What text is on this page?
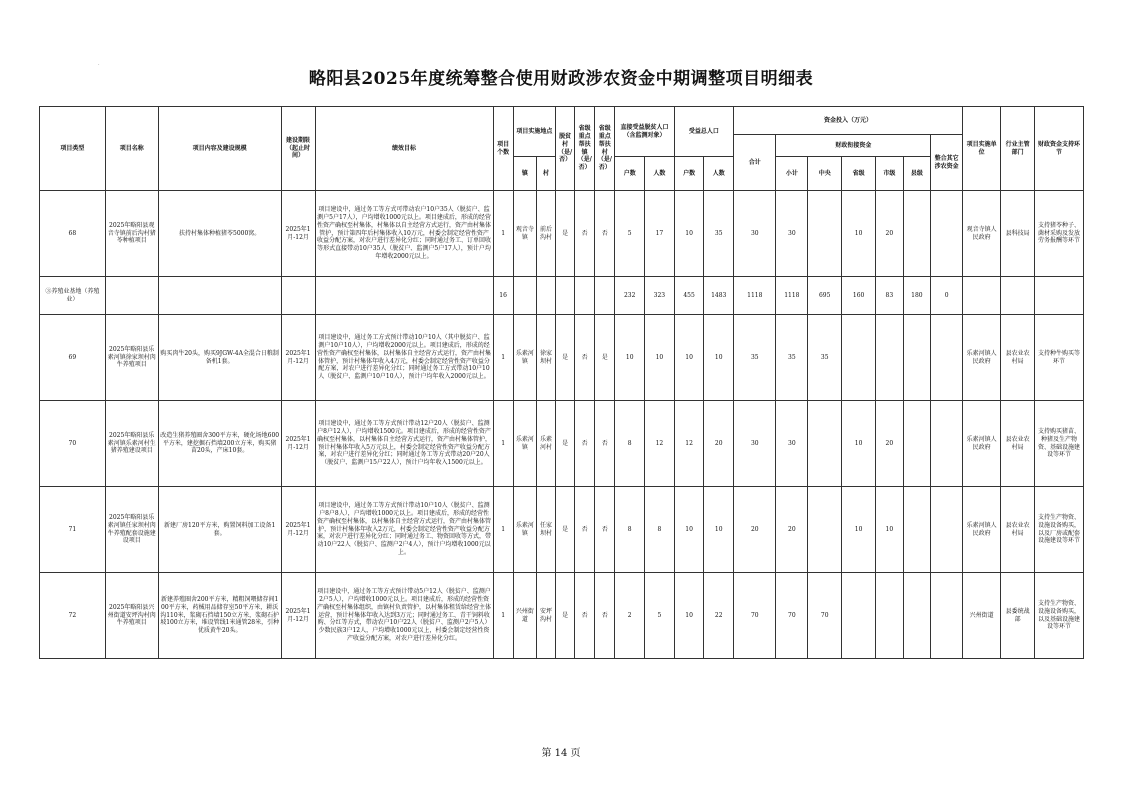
·
略阳县2025年度统筹整合使用财政涉农资金中期调整项目明细表
项目类型	项目名称	项目内容及建设规模	建设期限（起止时间）	绩效目标	项目个数	项目实施地点		脱贫村（是/否）	省级重点帮扶镇（是/否）	省级重点帮扶村（是/否）	直接受益脱贫人口（含监测对象）		受益总人口		资金投入（万元）							项目实施单位	行业主管部门	财政资金支持环节
															合计	财政衔接资金					整合其它涉农资金			
						镇	村				户数	人数	户数	人数		小计	中央	省级	市级	县级				
68	2025年略阳县观音寺镇前后沟村猪苓种植项目	扶持村集体种植猪苓5000窝。	2025年1月-12月	项目建设中，通过务工等方式可带动农户10户35人（脱贫户、监测户5户17人），户均增收1000元以上。项目建成后，形成的经营性资产确权至村集体，村集体以自主经营方式运行，资产由村集体管护，预计第四年后村集体收入10万元，村委会制定经营性资产收益分配方案，对农户进行差异化分红；同时通过务工、订单回收等形式直接带动10户35人（脱贫户、监测户5户17人），预计户均年增收2000元以上。	1	观音寺镇	前后沟村	是	否	否	5	17	10	35	30	30		10	20			观音寺镇人民政府	县科技局	支持猪苓种子、菌材采购及发放劳务报酬等环节
③养殖业基地（养殖业）					16						232	323	455	1483	1118	1118	695	160	83	180	0			
69	2025年略阳县乐素河镇徐家坝村肉牛养殖项目	购买肉牛20头，购买9JGW-4A全混合日粮制备机1套。	2025年1月-12月	项目建设中，通过务工方式预计带动10户10人（其中脱贫户、监测户10户10人），户均增收2000元以上。项目建成后，形成的经营性资产确权至村集体，以村集体自主经营方式运行，资产由村集体管护，预计村集体年收入4万元，村委会制定经营性资产收益分配方案，对农户进行差异化分红；同时通过务工方式带动10户10人（脱贫户、监测户10户10人），预计户均年收入2000元以上。	1	乐素河镇	徐家坝村	是	否	是	10	10	10	10	35	35	35					乐素河镇人民政府	县农业农村局	支持种牛购买等环节
70	2025年略阳县乐素河镇乐素河村生猪养殖建设项目	改造生猪养殖圈舍300平方米，硬化场地600平方米，建挖掘石挡墙200立方米，购买猪苗20头，产床10套。	2025年1月-12月	项目建设中，通过务工等方式预计带动12户20人（脱贫户、监测户8户12人），户均增收1500元。项目建成后，形成的经营性资产确权至村集体，以村集体自主经营方式运行，资产由村集体管护，预计村集体年收入5万元以上，村委会制定经营性资产收益分配方案，对农户进行差异化分红；同时通过务工等方式带动20户20人（脱贫户、监测户15户22人），预计户均年收入1500元以上。	1	乐素河镇	乐素河村	是	否	否	8	12	12	20	30	30		10	20			乐素河镇人民政府	县农业农村局	支持购买猪苗、种猪及生产物资、基础设施建设等环节
71	2025年略阳县乐素河镇任家坝村肉牛养殖配套设施建设项目	新建厂房120平方米，购置饲料加工设备1套。	2025年1月-12月	项目建设中，通过务工等方式预计带动10户10人（脱贫户、监测户8户8人），户均增收1000元以上。项目建成后，形成的经营性资产确权至村集体，以村集体自主经营方式运行，资产由村集体管护，预计村集体年收入2万元，村委会制定经营性资产收益分配方案，对农户进行差异化分红；同时通过务工、物资回收等方式，带动10户22人（脱贫户、监测户2户4人），预计户均增收1000元以上。	1	乐素河镇	任家坝村	是	否	否	8	8	10	10	20	20		10	10			乐素河镇人民政府	县农业农村局	支持生产物资、设施设备购买，以及厂房或配套设施建设等环节
72	2025年略阳县兴州街道安坪沟村肉牛养殖项目	新建养殖圈舍200平方米，精粗饲喂储存间100平方米，药械用品储存室50平方米，耕沃沟110米，浆砌石挡墙150立方米，浆砌石护坡100立方米，堆设管线1米通管28米，引种优质黄牛20头。	2025年1月-12月	项目建设中，通过务工等方式预计带动5户12人（脱贫户、监测户2户5人），户均增收1000元以上。项目建成后，形成的经营性资产确权至村集体组织，由镇村负责管护，以村集体租赁给经营主体运营，预计村集体年收入达到3万元；同时通过务工、青干饲料收购、分红等方式，带动农户10户22人（脱贫户、监测户2户5人）少数民族3户12人，户均增收1000元以上，村委会制定经营性资产收益分配方案，对农户进行差异化分红。	1	兴州街道	安坪沟村	是	否	否	2	5	10	22	70	70	70					兴州街道	县委统战部	支持生产物资、设施设备购买，以及基础设施建设等环节
第 14 页
